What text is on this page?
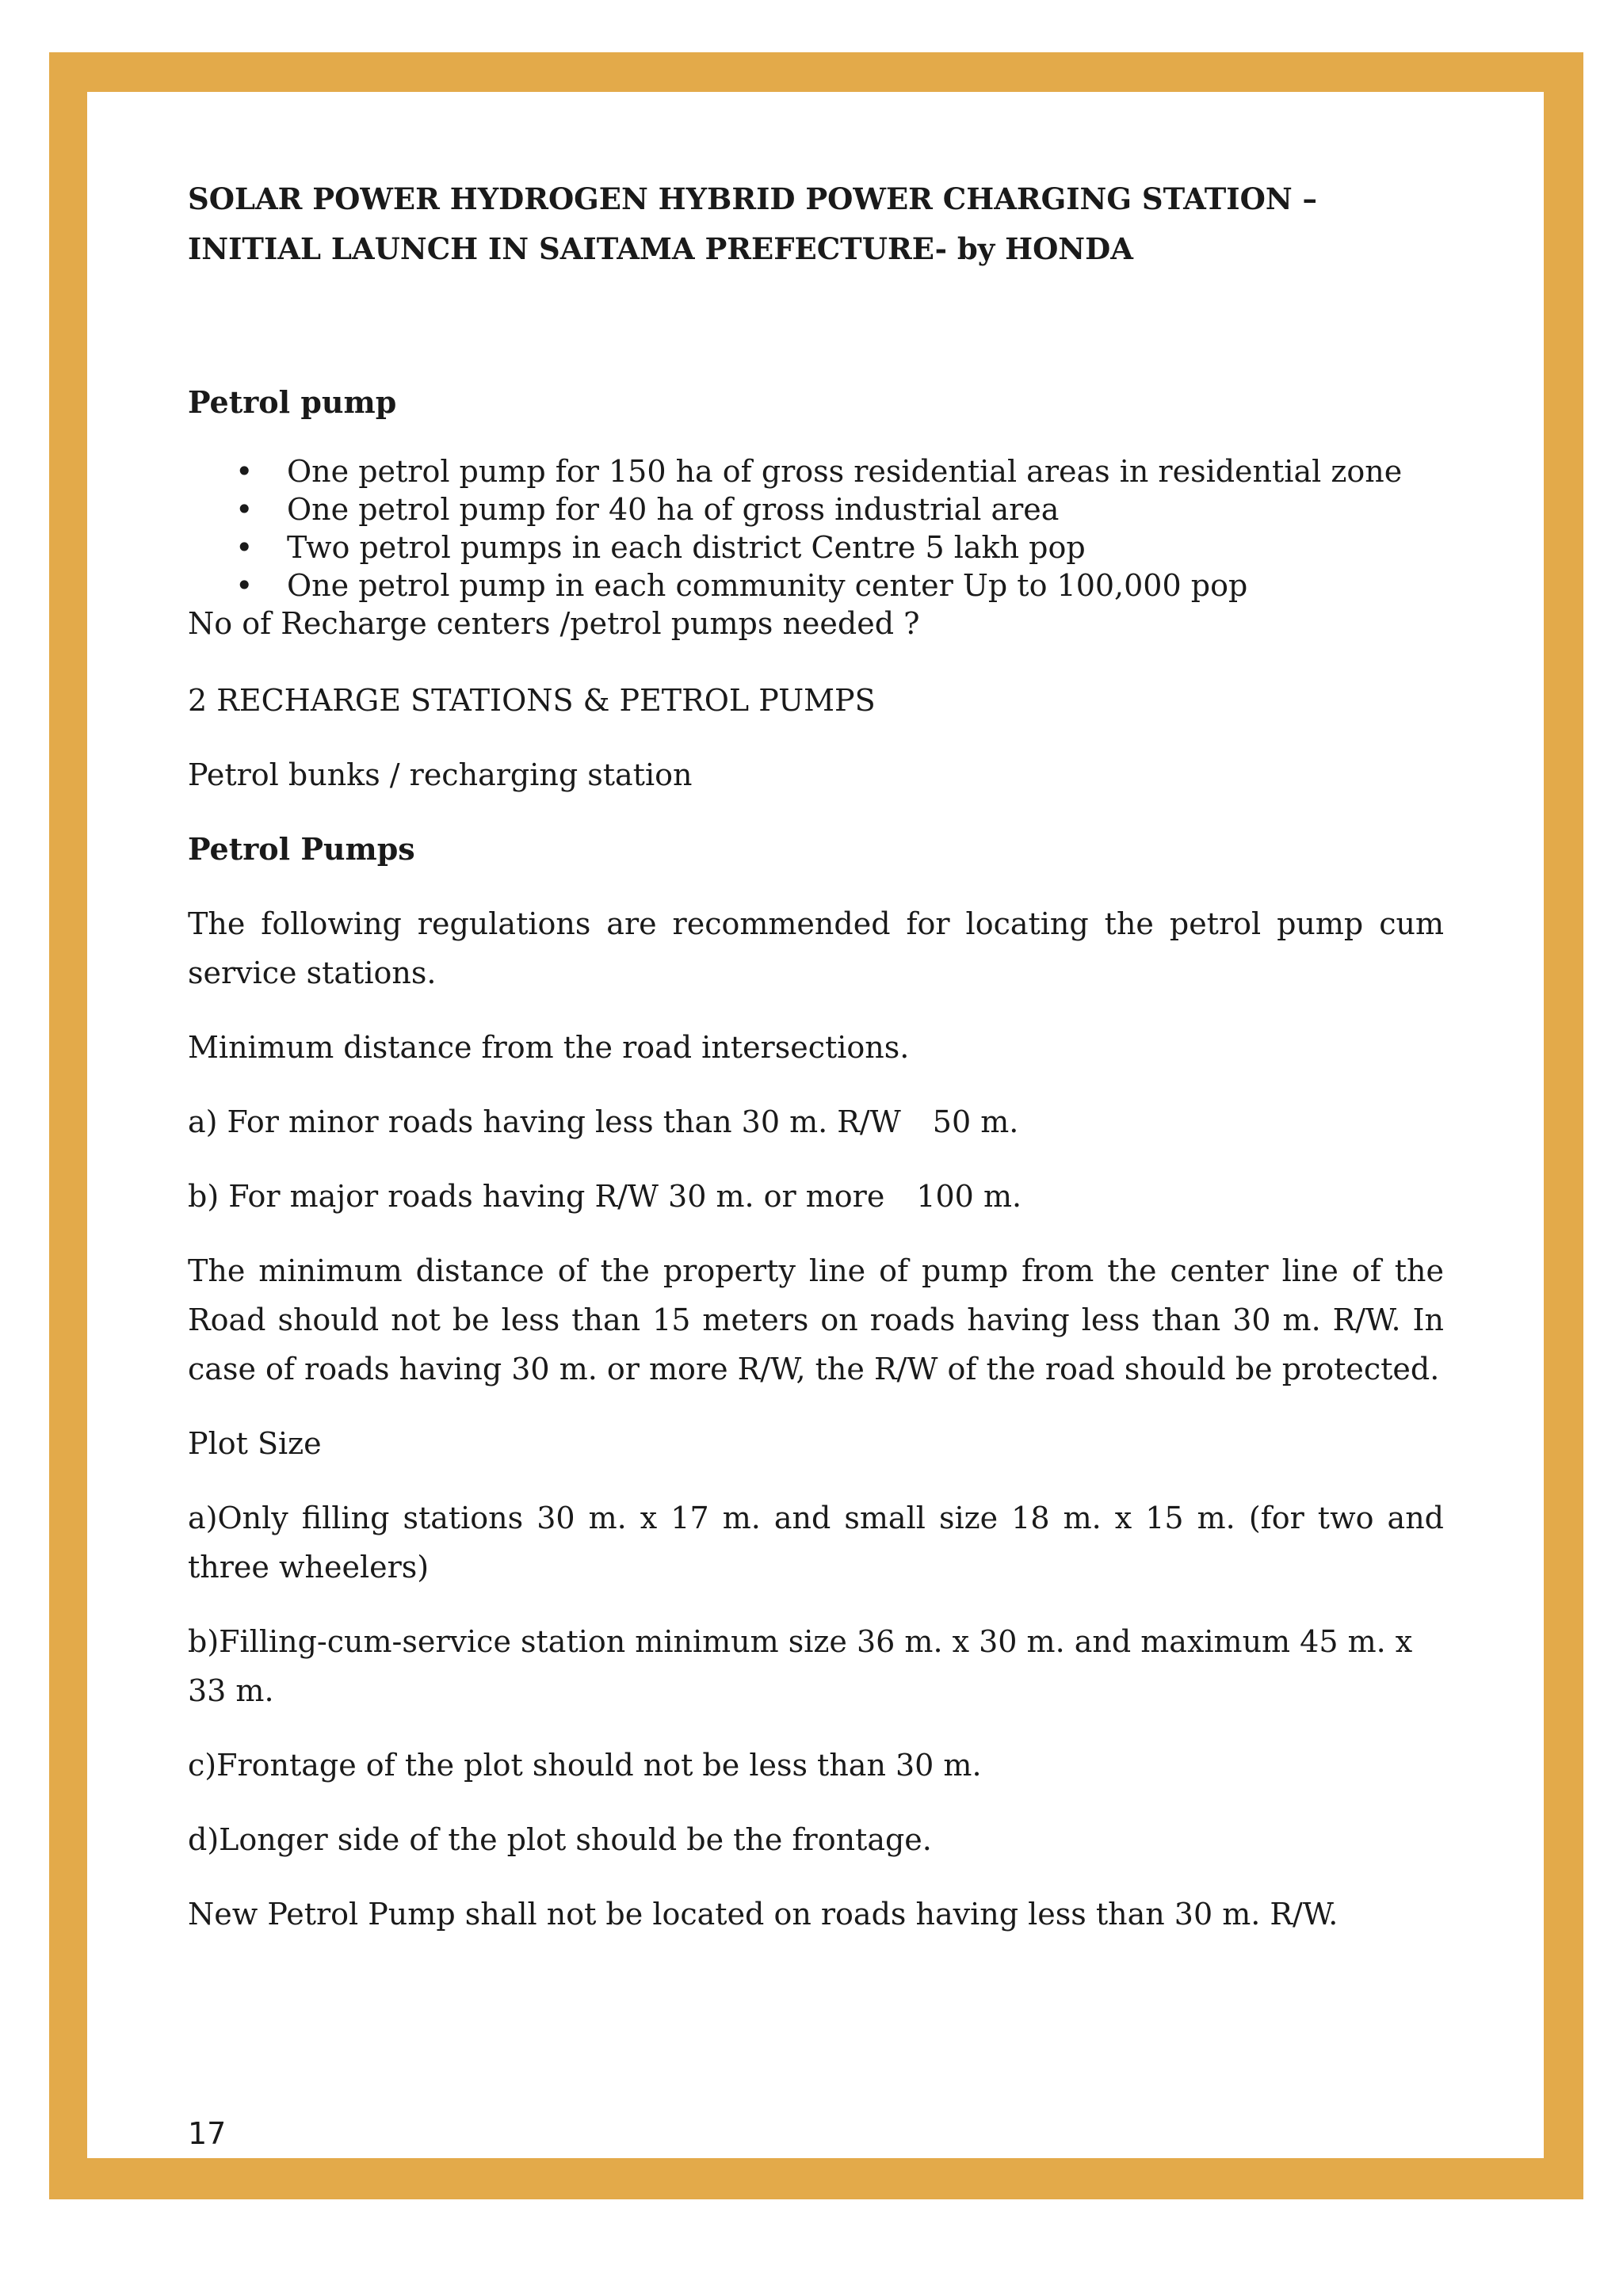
SOLAR POWER HYDROGEN HYBRID POWER CHARGING STATION – INITIAL LAUNCH IN SAITAMA PREFECTURE- by HONDA

Petrol pump

• One petrol pump for 150 ha of gross residential areas in residential zone
• One petrol pump for 40 ha of gross industrial area
• Two petrol pumps in each district Centre 5 lakh pop
• One petrol pump in each community center Up to 100,000 pop

No of Recharge centers /petrol pumps needed ?

2 RECHARGE STATIONS & PETROL PUMPS

Petrol bunks / recharging station

Petrol Pumps

The following regulations are recommended for locating the petrol pump cum service stations.

Minimum distance from the road intersections.

a) For minor roads having less than 30 m. R/W 50 m.

b) For major roads having R/W 30 m. or more 100 m.

The minimum distance of the property line of pump from the center line of the Road should not be less than 15 meters on roads having less than 30 m. R/W. In case of roads having 30 m. or more R/W, the R/W of the road should be protected.

Plot Size

a)Only filling stations 30 m. x 17 m. and small size 18 m. x 15 m. (for two and three wheelers)

b)Filling-cum-service station minimum size 36 m. x 30 m. and maximum 45 m. x 33 m.

c)Frontage of the plot should not be less than 30 m.

d)Longer side of the plot should be the frontage.

New Petrol Pump shall not be located on roads having less than 30 m. R/W.

17
